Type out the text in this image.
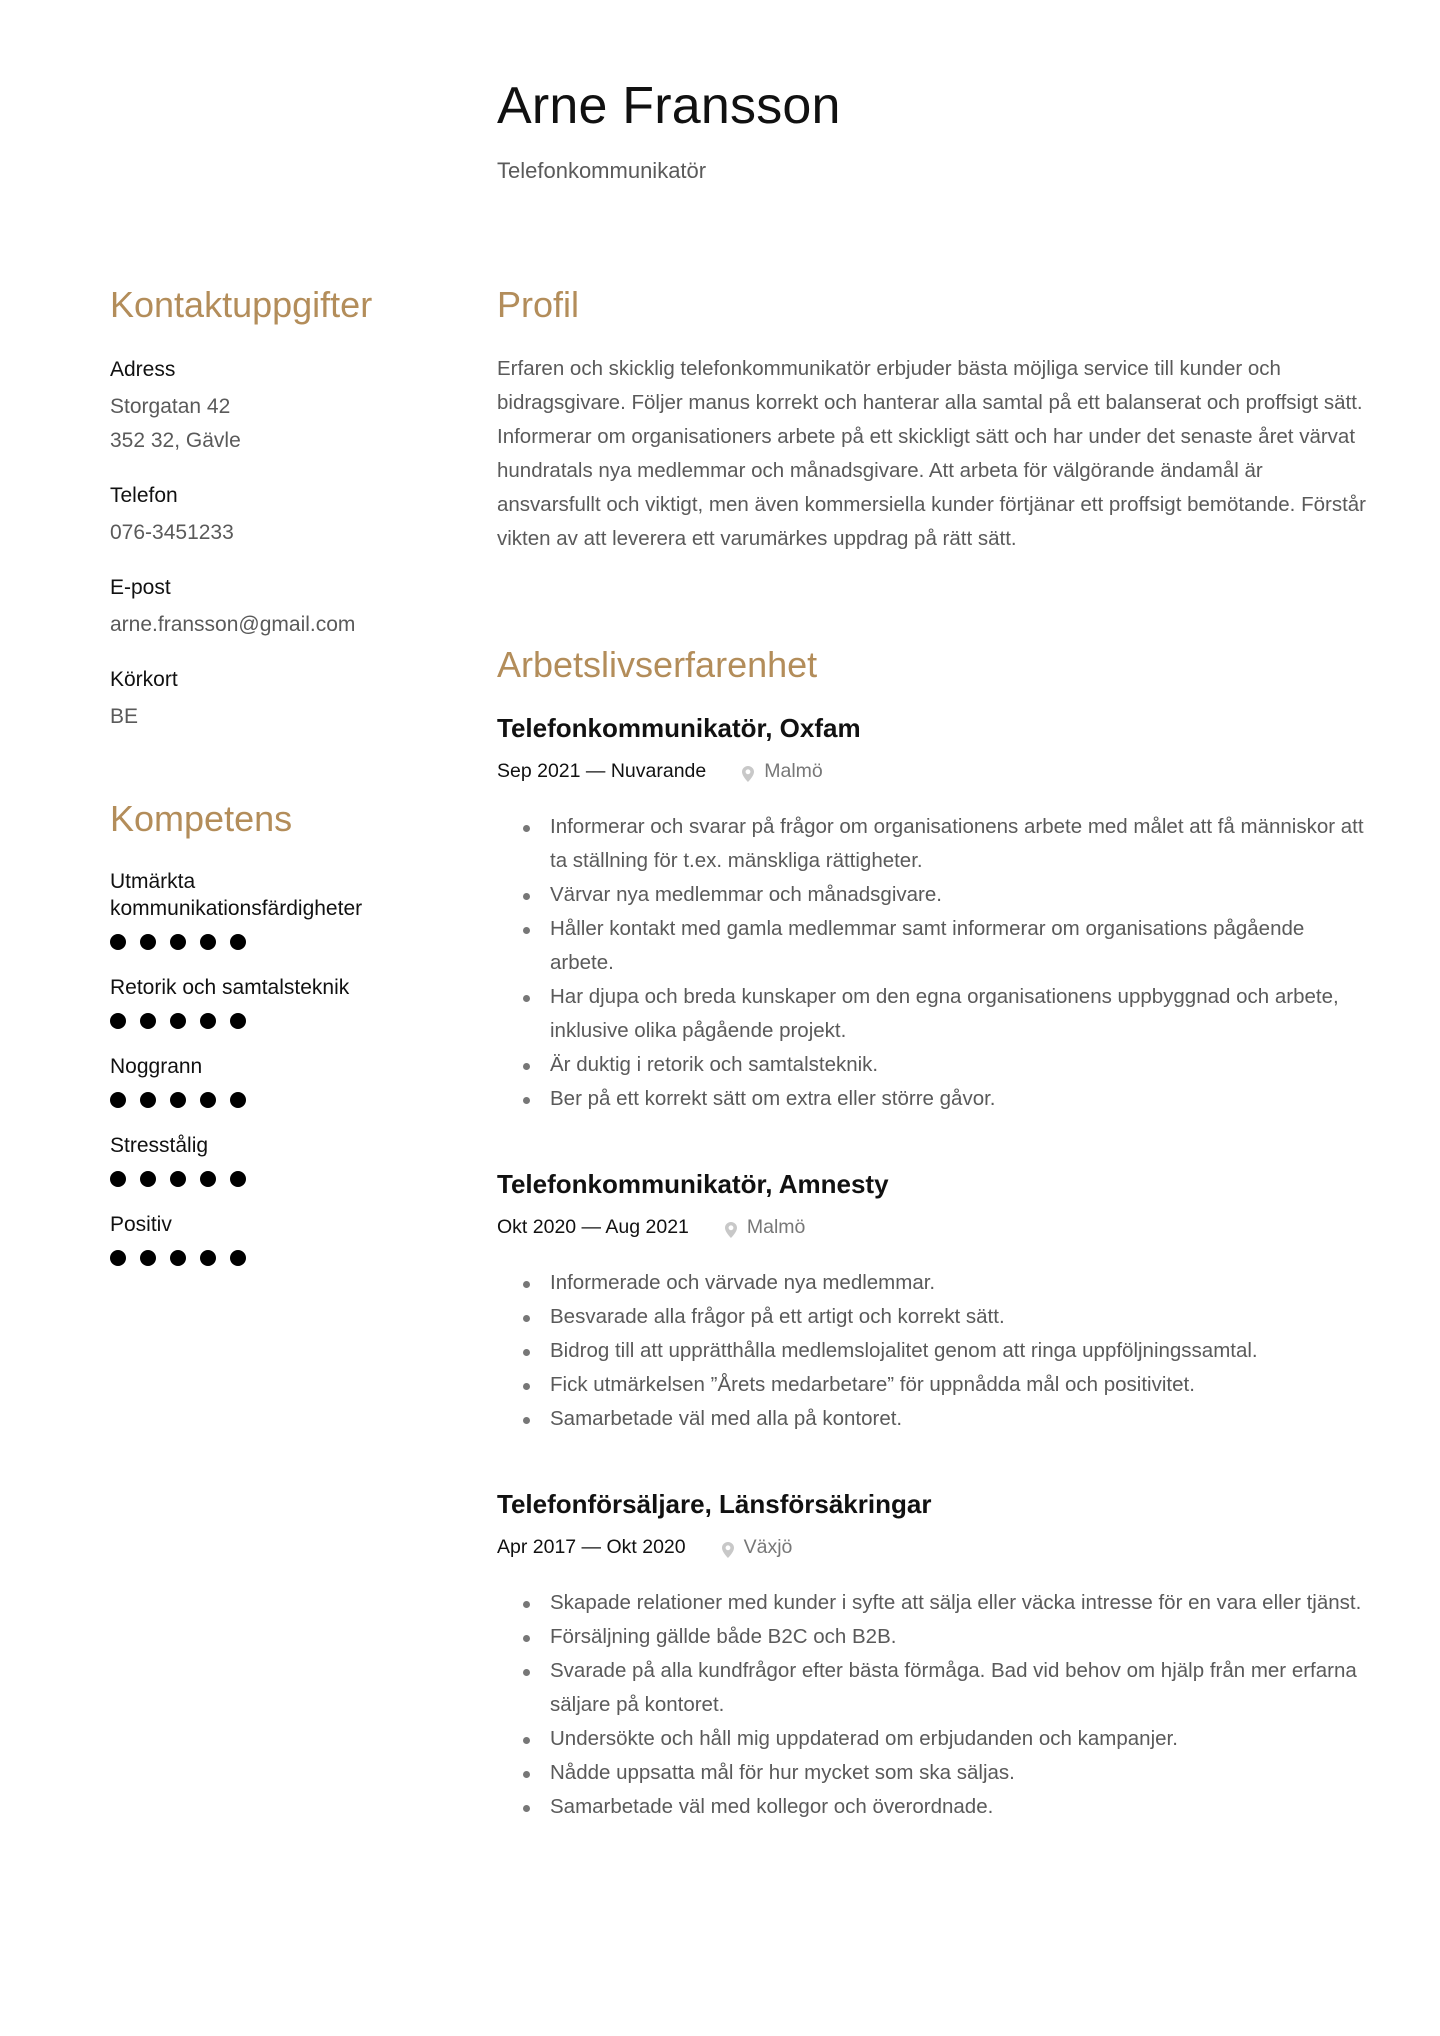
Arne Fransson
Telefonkommunikatör
Kontaktuppgifter
Adress
Storgatan 42
352 32, Gävle
Telefon
076-3451233
E-post
arne.fransson@gmail.com
Körkort
BE
Kompetens
Utmärkta kommunikationsfärdigheter
Retorik och samtalsteknik
Noggrann
Stresstålig
Positiv
Profil

Erfaren och skicklig telefonkommunikatör erbjuder bästa möjliga service till kunder och bidragsgivare. Följer manus korrekt och hanterar alla samtal på ett balanserat och proffsigt sätt. Informerar om organisationers arbete på ett skickligt sätt och har under det senaste året värvat hundratals nya medlemmar och månadsgivare. Att arbeta för välgörande ändamål är ansvarsfullt och viktigt, men även kommersiella kunder förtjänar ett proffsigt bemötande. Förstår vikten av att leverera ett varumärkes uppdrag på rätt sätt.

Arbetslivserfarenhet
Telefonkommunikatör, Oxfam
Sep 2021 — Nuvarande	Malmö
Informerar och svarar på frågor om organisationens arbete med målet att få människor att ta ställning för t.ex. mänskliga rättigheter.
Värvar nya medlemmar och månadsgivare.
Håller kontakt med gamla medlemmar samt informerar om organisations pågående arbete.
Har djupa och breda kunskaper om den egna organisationens uppbyggnad och arbete, inklusive olika pågående projekt.
Är duktig i retorik och samtalsteknik.
Ber på ett korrekt sätt om extra eller större gåvor.
Telefonkommunikatör, Amnesty
Okt 2020 — Aug 2021	Malmö
Informerade och värvade nya medlemmar.
Besvarade alla frågor på ett artigt och korrekt sätt.
Bidrog till att upprätthålla medlemslojalitet genom att ringa uppföljningssamtal.
Fick utmärkelsen ”Årets medarbetare” för uppnådda mål och positivitet.
Samarbetade väl med alla på kontoret.
Telefonförsäljare, Länsförsäkringar
Apr 2017 — Okt 2020	Växjö
Skapade relationer med kunder i syfte att sälja eller väcka intresse för en vara eller tjänst.
Försäljning gällde både B2C och B2B.
Svarade på alla kundfrågor efter bästa förmåga. Bad vid behov om hjälp från mer erfarna säljare på kontoret.
Undersökte och håll mig uppdaterad om erbjudanden och kampanjer.
Nådde uppsatta mål för hur mycket som ska säljas.
Samarbetade väl med kollegor och överordnade.
